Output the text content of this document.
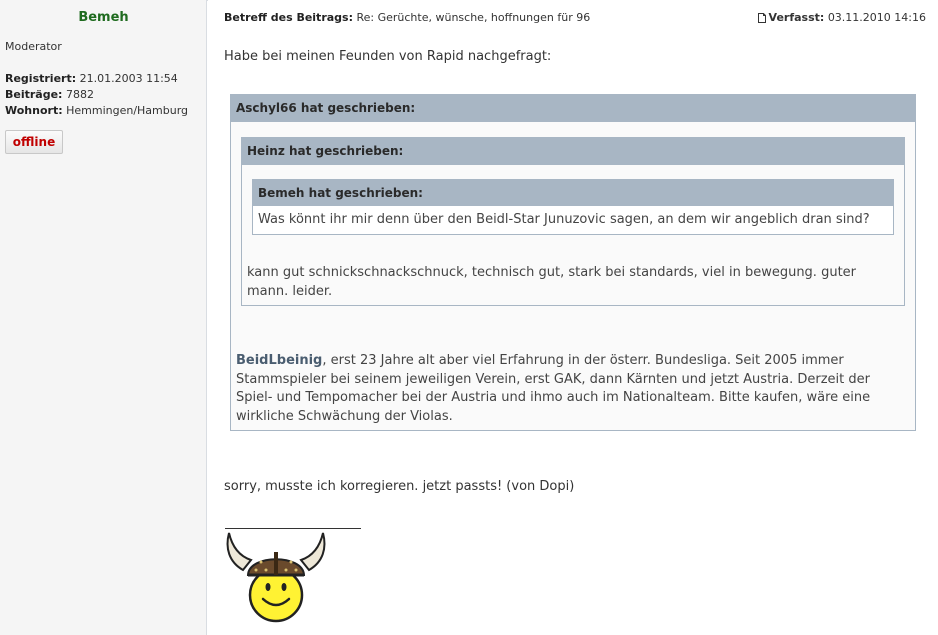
Bemeh
Moderator
Registriert: 21.01.2003 11:54
Beiträge: 7882
Wohnort: Hemmingen/Hamburg
offline
Betreff des Beitrags: Re: Gerüchte, wünsche, hoffnungen für 96	Verfasst:
03.11.2010 14:16
Habe bei meinen Feunden von Rapid nachgefragt:
Aschyl66 hat geschrieben:
Heinz hat geschrieben:
Bemeh hat geschrieben:
Was könnt ihr mir denn über den Beidl-Star Junuzovic sagen, an dem wir angeblich dran sind?
kann gut schnickschnackschnuck, technisch gut, stark bei standards, viel in bewegung. guter mann. leider.
BeidLbeinig, erst 23 Jahre alt aber viel Erfahrung in der österr. Bundesliga. Seit 2005 immer Stammspieler bei seinem jeweiligen Verein, erst GAK, dann Kärnten und jetzt Austria. Derzeit der Spiel- und Tempomacher bei der Austria und ihmo auch im Nationalteam. Bitte kaufen, wäre eine wirkliche Schwächung der Violas.
sorry, musste ich korregieren. jetzt passts! (von Dopi)
